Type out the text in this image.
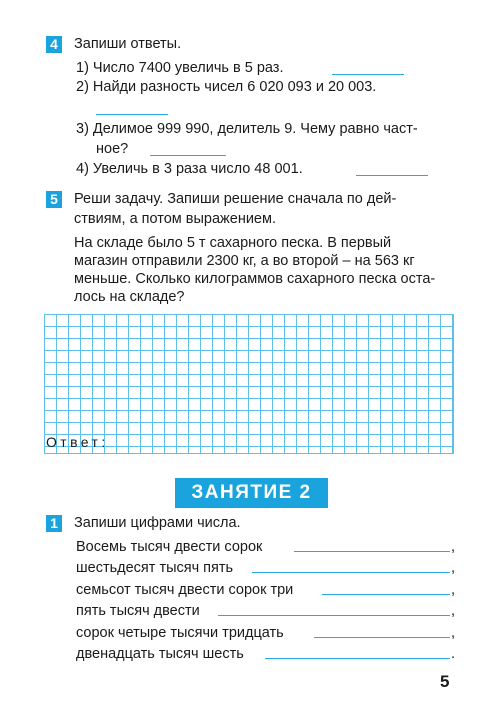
4 Запиши ответы.
1) Число 7400 увеличь в 5 раз.
2) Найди разность чисел 6 020 093 и 20 003.
3) Делимое 999 990, делитель 9. Чему равно част-
ное?
4) Увеличь в 3 раза число 48 001.
5 Реши задачу. Запиши решение сначала по дей-
ствиям, а потом выражением.
На складе было 5 т сахарного песка. В первый
магазин отправили 2300 кг, а во второй – на 563 кг
меньше. Сколько килограммов сахарного песка оста-
лось на складе?
Ответ:
ЗАНЯТИЕ 2
1 Запиши цифрами числа.
Восемь тысяч двести сорок	,
шестьдесят тысяч пять	,
семьсот тысяч двести сорок три	,
пять тысяч двести	,
сорок четыре тысячи тридцать	,
двенадцать тысяч шесть	.
5
